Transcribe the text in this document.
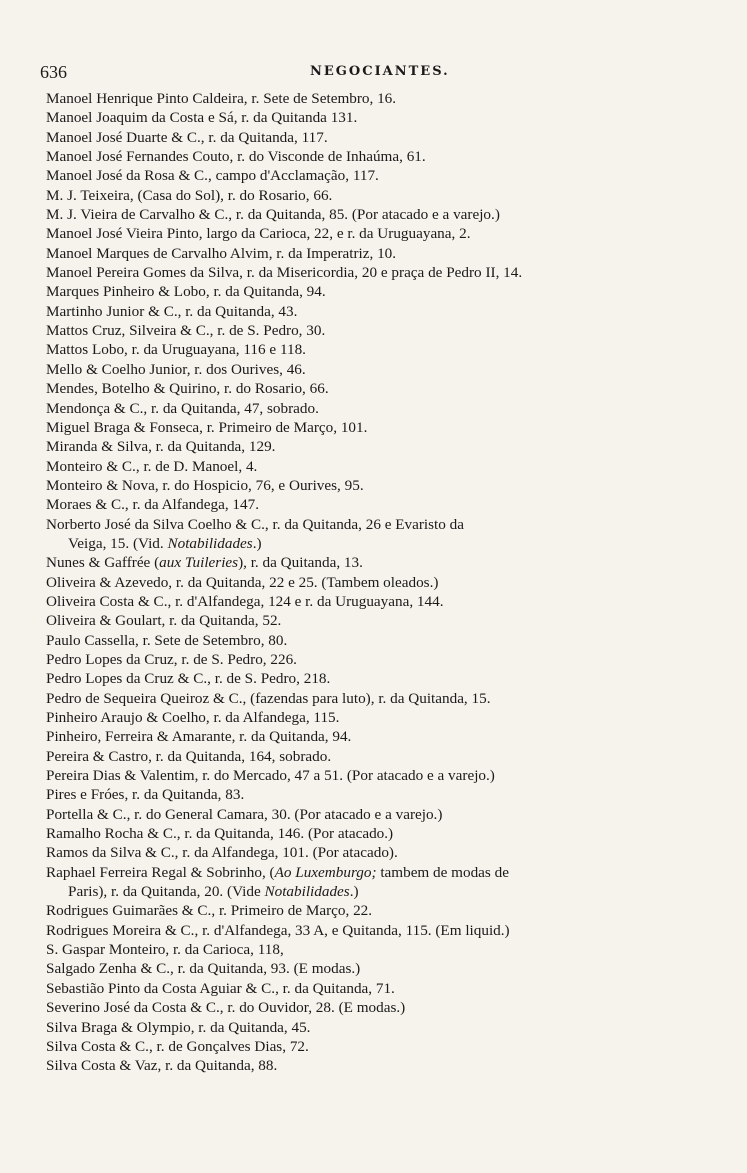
636	NEGOCIANTES.
Manoel Henrique Pinto Caldeira, r. Sete de Setembro, 16.
Manoel Joaquim da Costa e Sá, r. da Quitanda 131.
Manoel José Duarte & C., r. da Quitanda, 117.
Manoel José Fernandes Couto, r. do Visconde de Inhaúma, 61.
Manoel José da Rosa & C., campo d'Acclamação, 117.
M. J. Teixeira, (Casa do Sol), r. do Rosario, 66.
M. J. Vieira de Carvalho & C., r. da Quitanda, 85. (Por atacado e a varejo.)
Manoel José Vieira Pinto, largo da Carioca, 22, e r. da Uruguayana, 2.
Manoel Marques de Carvalho Alvim, r. da Imperatriz, 10.
Manoel Pereira Gomes da Silva, r. da Misericordia, 20 e praça de Pedro II, 14.
Marques Pinheiro & Lobo, r. da Quitanda, 94.
Martinho Junior & C., r. da Quitanda, 43.
Mattos Cruz, Silveira & C., r. de S. Pedro, 30.
Mattos Lobo, r. da Uruguayana, 116 e 118.
Mello & Coelho Junior, r. dos Ourives, 46.
Mendes, Botelho & Quirino, r. do Rosario, 66.
Mendonça & C., r. da Quitanda, 47, sobrado.
Miguel Braga & Fonseca, r. Primeiro de Março, 101.
Miranda & Silva, r. da Quitanda, 129.
Monteiro & C., r. de D. Manoel, 4.
Monteiro & Nova, r. do Hospicio, 76, e Ourives, 95.
Moraes & C., r. da Alfandega, 147.
Norberto José da Silva Coelho & C., r. da Quitanda, 26 e Evaristo da
Veiga, 15. (Vid. Notabilidades.)
Nunes & Gaffrée (aux Tuileries), r. da Quitanda, 13.
Oliveira & Azevedo, r. da Quitanda, 22 e 25. (Tambem oleados.)
Oliveira Costa & C., r. d'Alfandega, 124 e r. da Uruguayana, 144.
Oliveira & Goulart, r. da Quitanda, 52.
Paulo Cassella, r. Sete de Setembro, 80.
Pedro Lopes da Cruz, r. de S. Pedro, 226.
Pedro Lopes da Cruz & C., r. de S. Pedro, 218.
Pedro de Sequeira Queiroz & C., (fazendas para luto), r. da Quitanda, 15.
Pinheiro Araujo & Coelho, r. da Alfandega, 115.
Pinheiro, Ferreira & Amarante, r. da Quitanda, 94.
Pereira & Castro, r. da Quitanda, 164, sobrado.
Pereira Dias & Valentim, r. do Mercado, 47 a 51. (Por atacado e a varejo.)
Pires e Fróes, r. da Quitanda, 83.
Portella & C., r. do General Camara, 30. (Por atacado e a varejo.)
Ramalho Rocha & C., r. da Quitanda, 146. (Por atacado.)
Ramos da Silva & C., r. da Alfandega, 101. (Por atacado).
Raphael Ferreira Regal & Sobrinho, (Ao Luxemburgo; tambem de modas de
Paris), r. da Quitanda, 20. (Vide Notabilidades.)
Rodrigues Guimarães & C., r. Primeiro de Março, 22.
Rodrigues Moreira & C., r. d'Alfandega, 33 A, e Quitanda, 115. (Em liquid.)
S. Gaspar Monteiro, r. da Carioca, 118,
Salgado Zenha & C., r. da Quitanda, 93. (E modas.)
Sebastião Pinto da Costa Aguiar & C., r. da Quitanda, 71.
Severino José da Costa & C., r. do Ouvidor, 28. (E modas.)
Silva Braga & Olympio, r. da Quitanda, 45.
Silva Costa & C., r. de Gonçalves Dias, 72.
Silva Costa & Vaz, r. da Quitanda, 88.
